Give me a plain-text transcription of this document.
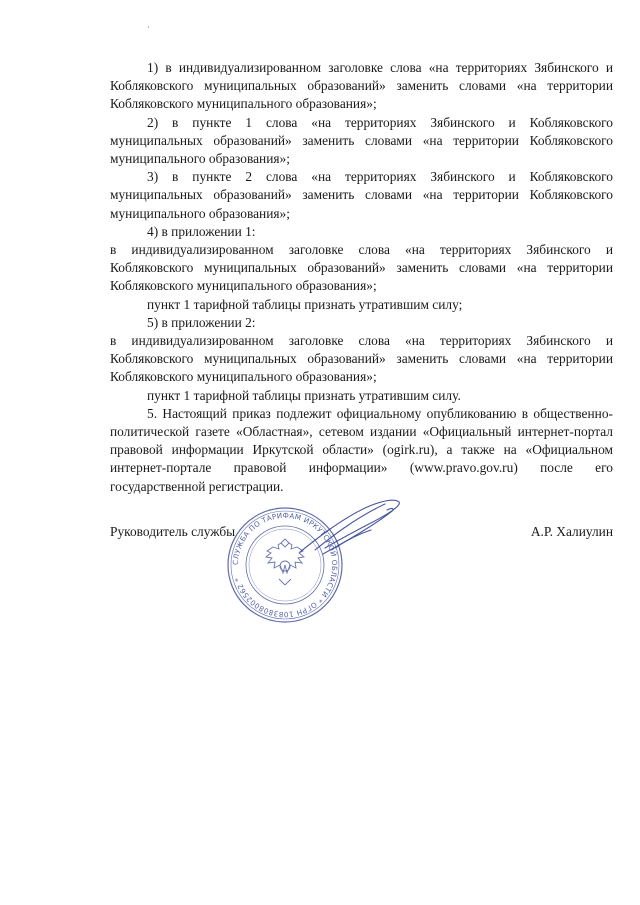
1) в индивидуализированном заголовке слова «на территориях Зябинского и Кобляковского муниципальных образований» заменить словами «на территории Кобляковского муниципального образования»;

2) в пункте 1 слова «на территориях Зябинского и Кобляковского муниципальных образований» заменить словами «на территории Кобляковского муниципального образования»;

3) в пункте 2 слова «на территориях Зябинского и Кобляковского муниципальных образований» заменить словами «на территории Кобляковского муниципального образования»;

4) в приложении 1:

в индивидуализированном заголовке слова «на территориях Зябинского и Кобляковского муниципальных образований» заменить словами «на территории Кобляковского муниципального образования»;

пункт 1 тарифной таблицы признать утратившим силу;

5) в приложении 2:

в индивидуализированном заголовке слова «на территориях Зябинского и Кобляковского муниципальных образований» заменить словами «на территории Кобляковского муниципального образования»;

пункт 1 тарифной таблицы признать утратившим силу.

5. Настоящий приказ подлежит официальному опубликованию в общественно-политической газете «Областная», сетевом издании «Официальный интернет-портал правовой информации Иркутской области» (ogirk.ru), а также на «Официальном интернет-портале правовой информации» (www.pravo.gov.ru) после его государственной регистрации.

СЛУЖБА ПО ТАРИФАМ ИРКУТСКОЙ ОБЛАСТИ * ОГРН 1083808002562 *
Руководитель службы	А.Р. Халиулин
